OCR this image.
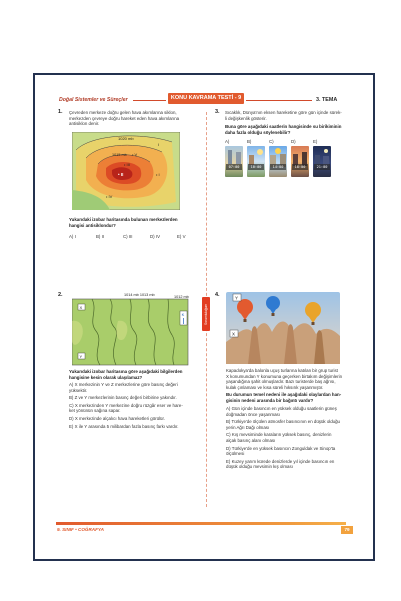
Doğal Sistemler ve Süreçler	KONU KAVRAMA TESTİ - 9	3. TEMA
Sorumluluğum
1. Çevreden merkeze doğru gelen hava akımlarına siklon,
merkezden çevreye doğru hareket eden hava akımlarına
antisiklon denir.
1020 mb
1015 mb
I
• V
• III
• II	• I
• IV
Yukarıdaki izobar haritasında bulunan merkezlerden
hangisi antisiklondur?
A) I	B) II	C) III	D) IV	E) V
2.	1014 mb 1013 mb	1012 mb
X
Y
K
Yukarıdaki izobar haritasına göre aşağıdaki bilgilerden
hangisine kesin olarak ulaşılamaz?
A) X merkezinin Y ve Z merkezlerine göre basınç değeri
yüksektir.
B) Z ve Y merkezlerinin basınç değeri birbirine yakındır.
C) X merkezinden Y merkezine doğru rüzgâr eser ve hare-
ket yönünün sağına sapar.
D) X merkezinde alçalıcı hava hareketleri görülür.
E) X ile Y arasında 5 milibardan fazla basınç farkı vardır.
3. Sıcaklık, Dünya'nın eksen hareketine göre gün içinde sürek-
li değişkenlik gösterir.
Buna göre aşağıdaki saatlerin hangisinde su birikiminin
daha fazla olduğu söylenebilir?
A)	B)	C)	D)	E)
07:00	10:00	14:00	18:00	21:00
4.	Y
X
Kapadokya'da balonla uçuş turlarına katılan bir grup turist
X konumundan Y konumuna geçerken birtakım değişimlerin
yaşandığına şahit olmuşlardır. Bazı turisterde baş ağrısı,
kulak çınlaması ve kısa süreli hıksırık yaşanmıştır.
Bu durumun temel nedeni ile aşağıdaki olaylardan han-
gisinin nedeni arasında bir bağıntı vardır?
A) Gün içinde basıncın en yüksek olduğu saatlerin güneş
doğmadan önce yaşanması
B) Türkiye'de ölçülen atmosfer basıncının en düşük olduğu
yerin Ağrı Dağı olması
C) Kış mevsiminde karaların yüksek basınç, denizlerin
alçak basınç alanı olması
D) Türkiye'de en yüksek basıncın Zonguldak ve Sinop'ta
ölçülmesi
E) Kuzey yarım kürede denizlerde yıl içinde basıncın en
düşük olduğu mevsimin kış olması
9. SINIF • COĞRAFYA	79
